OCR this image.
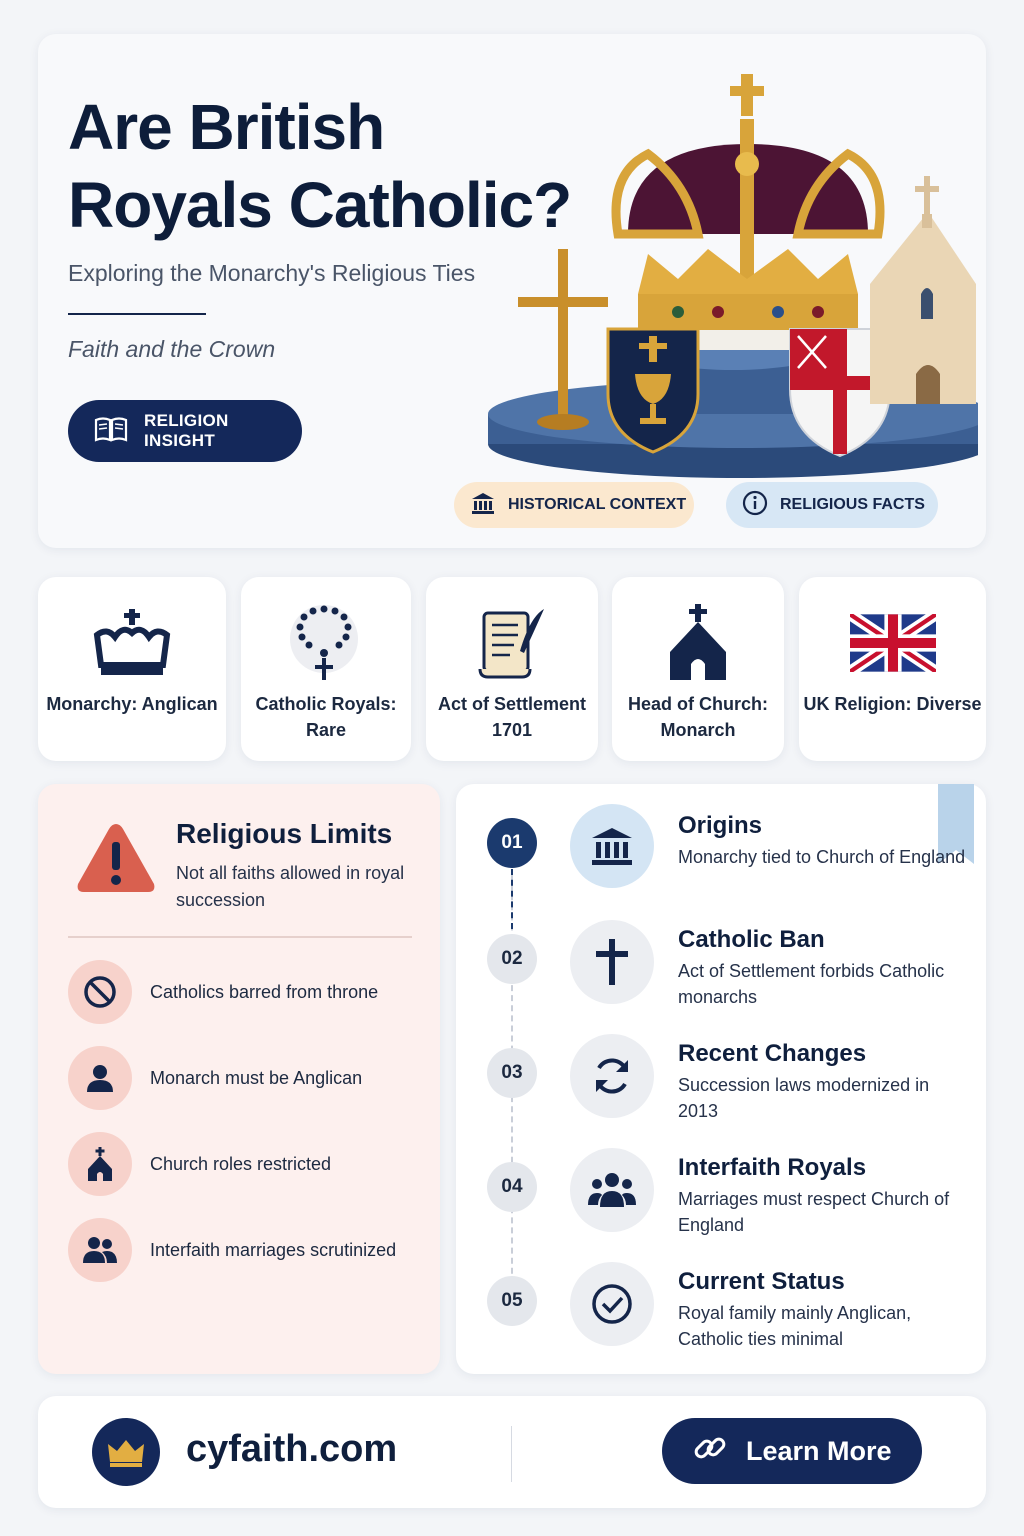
Are British Royals Catholic?
Exploring the Monarchy's Religious Ties
Faith and the Crown
RELIGION INSIGHT
HISTORICAL CONTEXT	RELIGIOUS FACTS
Monarchy: Anglican	Catholic Royals: Rare
Act of Settlement 1701
Head of Church: Monarch
UK Religion: Diverse
Religious Limits
Not all faiths allowed in royal succession
Catholics barred from throne
Monarch must be Anglican
Church roles restricted
Interfaith marriages scrutinized
01
Origins
Monarchy tied to Church of England
02
Catholic Ban
Act of Settlement forbids Catholic monarchs
03
Recent Changes
Succession laws modernized in 2013
04
Interfaith Royals
Marriages must respect Church of England
05
Current Status
Royal family mainly Anglican, Catholic ties minimal
cyfaith.com	Learn More
